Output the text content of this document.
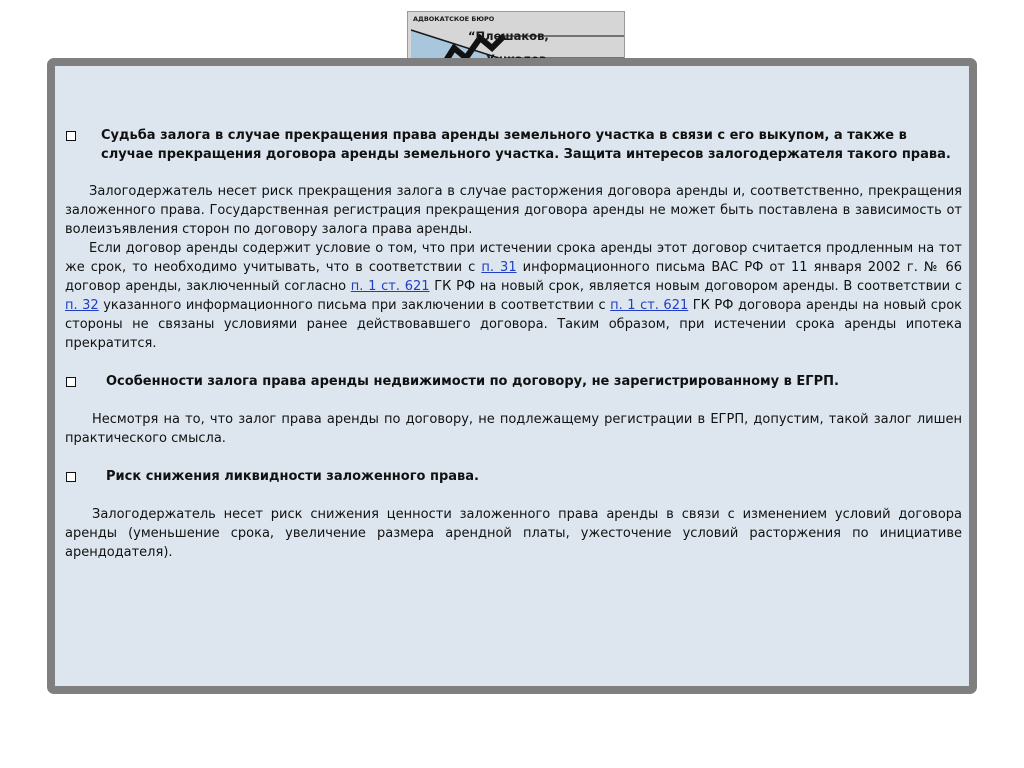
АДВОКАТСКОЕ БЮРО
“Плешаков,
Судьба залога в случае прекращения права аренды земельного участка в связи с его выкупом, а также в случае прекращения договора аренды земельного участка. Защита интересов залогодержателя такого права.
Залогодержатель несет риск прекращения залога в случае расторжения договора аренды и, соответственно, прекращения заложенного права. Государственная регистрация прекращения договора аренды не может быть поставлена в зависимость от волеизъявления сторон по договору залога права аренды.
Если договор аренды содержит условие о том, что при истечении срока аренды этот договор считается продленным на тот же срок, то необходимо учитывать, что в соответствии с п. 31 информационного письма ВАС РФ от 11 января 2002 г. № 66 договор аренды, заключенный согласно п. 1 ст. 621 ГК РФ на новый срок, является новым договором аренды. В соответствии с п. 32 указанного информационного письма при заключении в соответствии с п. 1 ст. 621 ГК РФ договора аренды на новый срок стороны не связаны условиями ранее действовавшего договора. Таким образом, при истечении срока аренды ипотека прекратится.
Особенности залога права аренды недвижимости по договору, не зарегистрированному в ЕГРП.
Несмотря на то, что залог права аренды по договору, не подлежащему регистрации в ЕГРП, допустим, такой залог лишен практического смысла.
Риск снижения ликвидности заложенного права.
Залогодержатель несет риск снижения ценности заложенного права аренды в связи с изменением условий договора аренды (уменьшение срока, увеличение размера арендной платы, ужесточение условий расторжения по инициативе арендодателя).
